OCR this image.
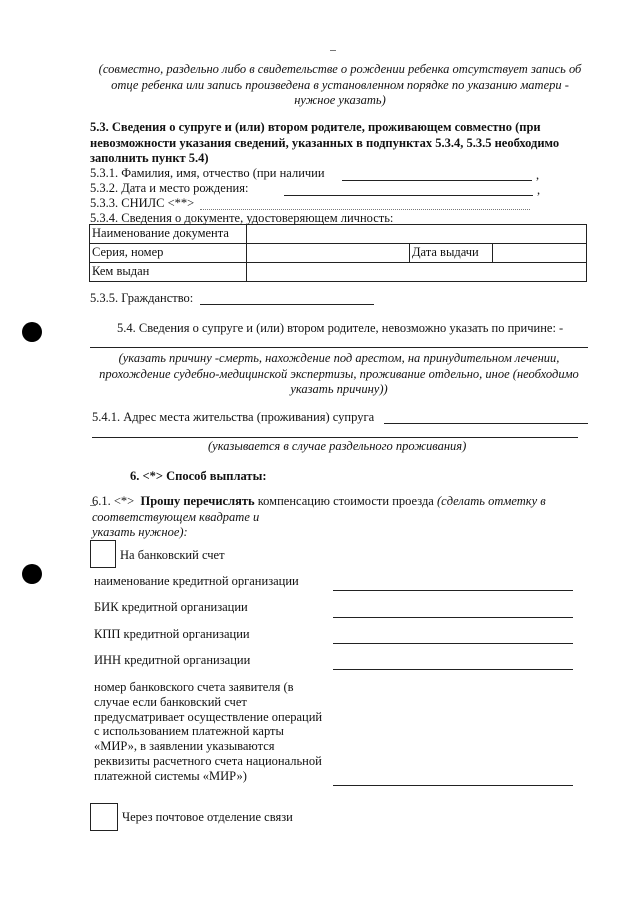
(совместно, раздельно либо в свидетельстве о рождении ребенка отсутствует запись об
отце ребенка или запись произведена в установленном порядке по указанию матери -
нужное указать)
5.3. Сведения о супруге и (или) втором родителе, проживающем совместно (при
невозможности указания сведений, указанных в подпунктах 5.3.4, 5.3.5 необходимо
заполнить пункт 5.4)
5.3.1. Фамилия, имя, отчество (при наличии	,
5.3.2. Дата и место рождения:	,
5.3.3. СНИЛС <**>
5.3.4. Сведения о документе, удостоверяющем личность:
Наименование документа			
Серия, номер		Дата выдачи	
Кем выдан			
5.3.5. Гражданство:
5.4. Сведения о супруге и (или) втором родителе, невозможно указать по причине: -
(указать причину -смерть, нахождение под арестом, на принудительном лечении,
прохождение судебно-медицинской экспертизы, проживание отдельно, иное (необходимо
указать причину))
5.4.1. Адрес места жительства (проживания) супруга
(указывается в случае раздельного проживания)
6. <*> Способ выплаты:
6.1. <*> Прошу перечислять компенсацию стоимости проезда (сделать отметку в
соответствующем квадрате и
указать нужное):
На банковский счет
наименование кредитной организации
БИК кредитной организации
КПП кредитной организации
ИНН кредитной организации
номер банковского счета заявителя (в
случае если банковский счет
предусматривает осуществление операций
с использованием платежной карты
«МИР», в заявлении указываются
реквизиты расчетного счета национальной
платежной системы «МИР»)
Через почтовое отделение связи
